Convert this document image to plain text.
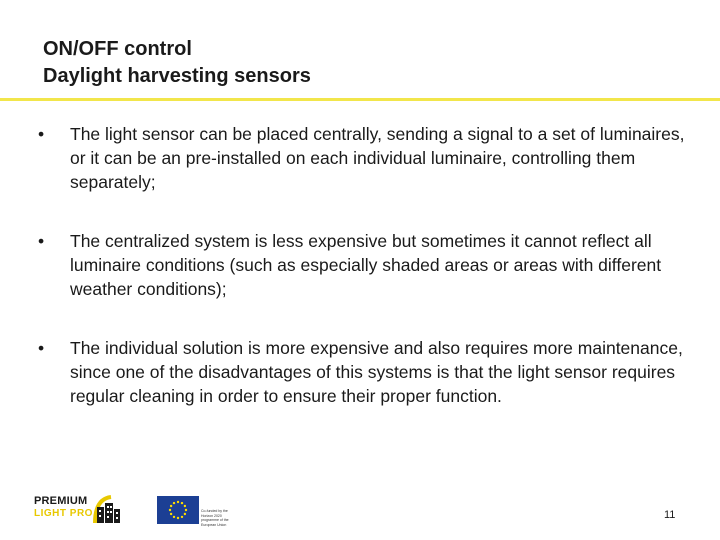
ON/OFF control
Daylight harvesting sensors
• The light sensor can be placed centrally, sending a signal to a set of luminaires, or it can be an pre-installed on each individual luminaire, controlling them separately;
• The centralized system is less expensive but sometimes it cannot reflect all luminaire conditions (such as especially shaded areas or areas with different weather conditions);
• The individual solution is more expensive and also requires more maintenance, since one of the disadvantages of this systems is that the light sensor requires regular cleaning in order to ensure their proper function.
PREMIUM
LIGHT PRO	Co-funded by the Horizon 2020 programme of the European Union
11
